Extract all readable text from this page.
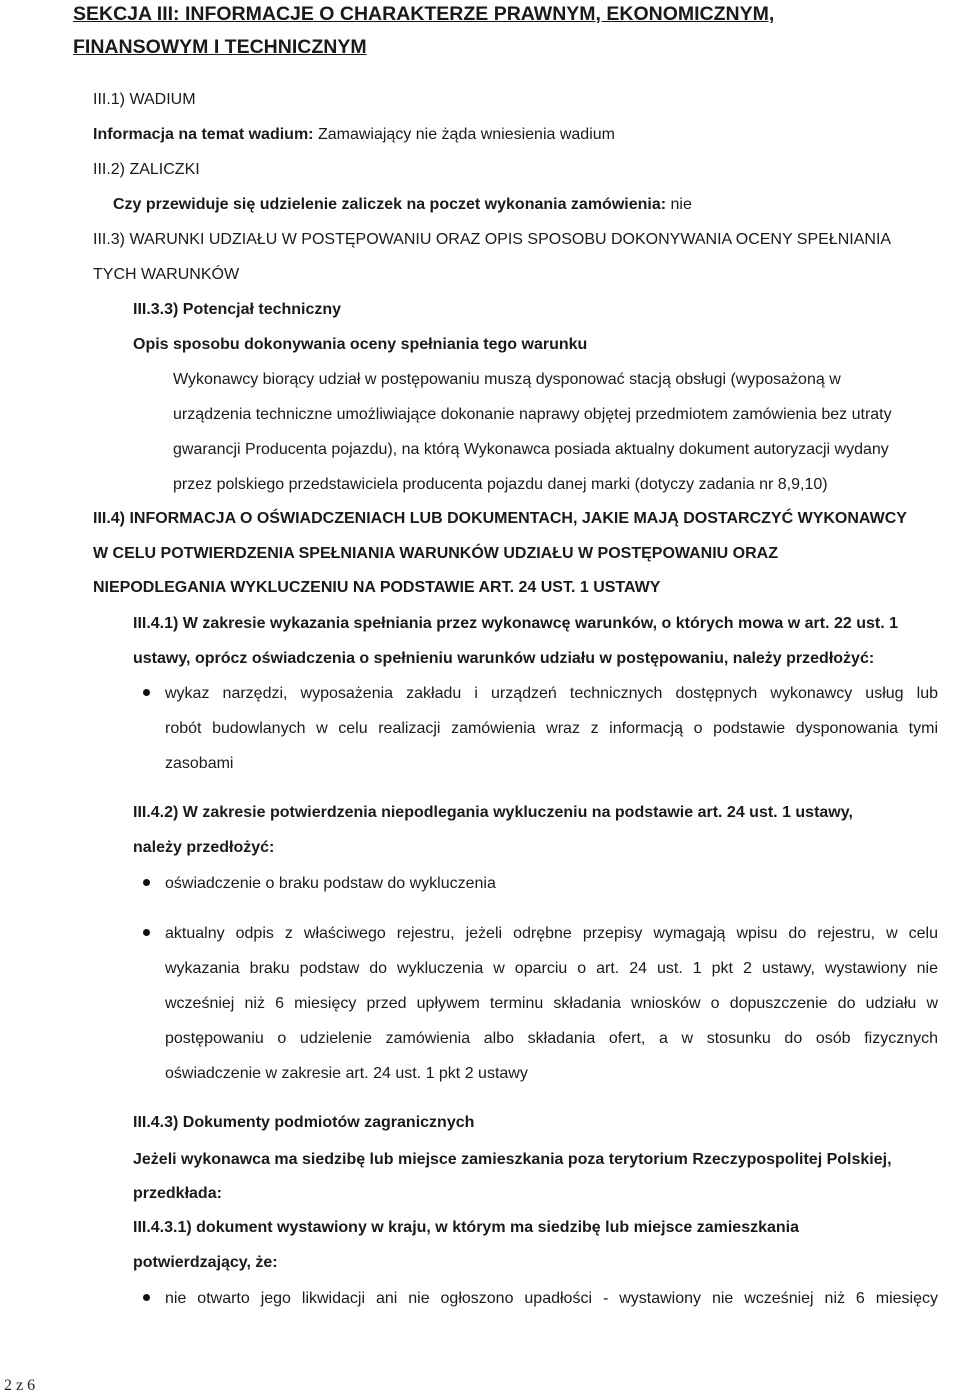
SEKCJA III: INFORMACJE O CHARAKTERZE PRAWNYM, EKONOMICZNYM,
FINANSOWYM I TECHNICZNYM
III.1) WADIUM
Informacja na temat wadium: Zamawiający nie żąda wniesienia wadium
III.2) ZALICZKI
Czy przewiduje się udzielenie zaliczek na poczet wykonania zamówienia: nie
III.3) WARUNKI UDZIAŁU W POSTĘPOWANIU ORAZ OPIS SPOSOBU DOKONYWANIA OCENY SPEŁNIANIA
TYCH WARUNKÓW
III.3.3) Potencjał techniczny
Opis sposobu dokonywania oceny spełniania tego warunku
Wykonawcy biorący udział w postępowaniu muszą dysponować stacją obsługi (wyposażoną w
urządzenia techniczne umożliwiające dokonanie naprawy objętej przedmiotem zamówienia bez utraty
gwarancji Producenta pojazdu), na którą Wykonawca posiada aktualny dokument autoryzacji wydany
przez polskiego przedstawiciela producenta pojazdu danej marki (dotyczy zadania nr 8,9,10)
III.4) INFORMACJA O OŚWIADCZENIACH LUB DOKUMENTACH, JAKIE MAJĄ DOSTARCZYĆ WYKONAWCY
W CELU POTWIERDZENIA SPEŁNIANIA WARUNKÓW UDZIAŁU W POSTĘPOWANIU ORAZ
NIEPODLEGANIA WYKLUCZENIU NA PODSTAWIE ART. 24 UST. 1 USTAWY
III.4.1) W zakresie wykazania spełniania przez wykonawcę warunków, o których mowa w art. 22 ust. 1
ustawy, oprócz oświadczenia o spełnieniu warunków udziału w postępowaniu, należy przedłożyć:
wykaz narzędzi, wyposażenia zakładu i urządzeń technicznych dostępnych wykonawcy usług lub
robót budowlanych w celu realizacji zamówienia wraz z informacją o podstawie dysponowania tymi
zasobami
III.4.2) W zakresie potwierdzenia niepodlegania wykluczeniu na podstawie art. 24 ust. 1 ustawy,
należy przedłożyć:
oświadczenie o braku podstaw do wykluczenia
aktualny odpis z właściwego rejestru, jeżeli odrębne przepisy wymagają wpisu do rejestru, w celu
wykazania braku podstaw do wykluczenia w oparciu o art. 24 ust. 1 pkt 2 ustawy, wystawiony nie
wcześniej niż 6 miesięcy przed upływem terminu składania wniosków o dopuszczenie do udziału w
postępowaniu o udzielenie zamówienia albo składania ofert, a w stosunku do osób fizycznych
oświadczenie w zakresie art. 24 ust. 1 pkt 2 ustawy
III.4.3) Dokumenty podmiotów zagranicznych
Jeżeli wykonawca ma siedzibę lub miejsce zamieszkania poza terytorium Rzeczypospolitej Polskiej,
przedkłada:
III.4.3.1) dokument wystawiony w kraju, w którym ma siedzibę lub miejsce zamieszkania
potwierdzający, że:
nie otwarto jego likwidacji ani nie ogłoszono upadłości - wystawiony nie wcześniej niż 6 miesięcy
2 z 6
